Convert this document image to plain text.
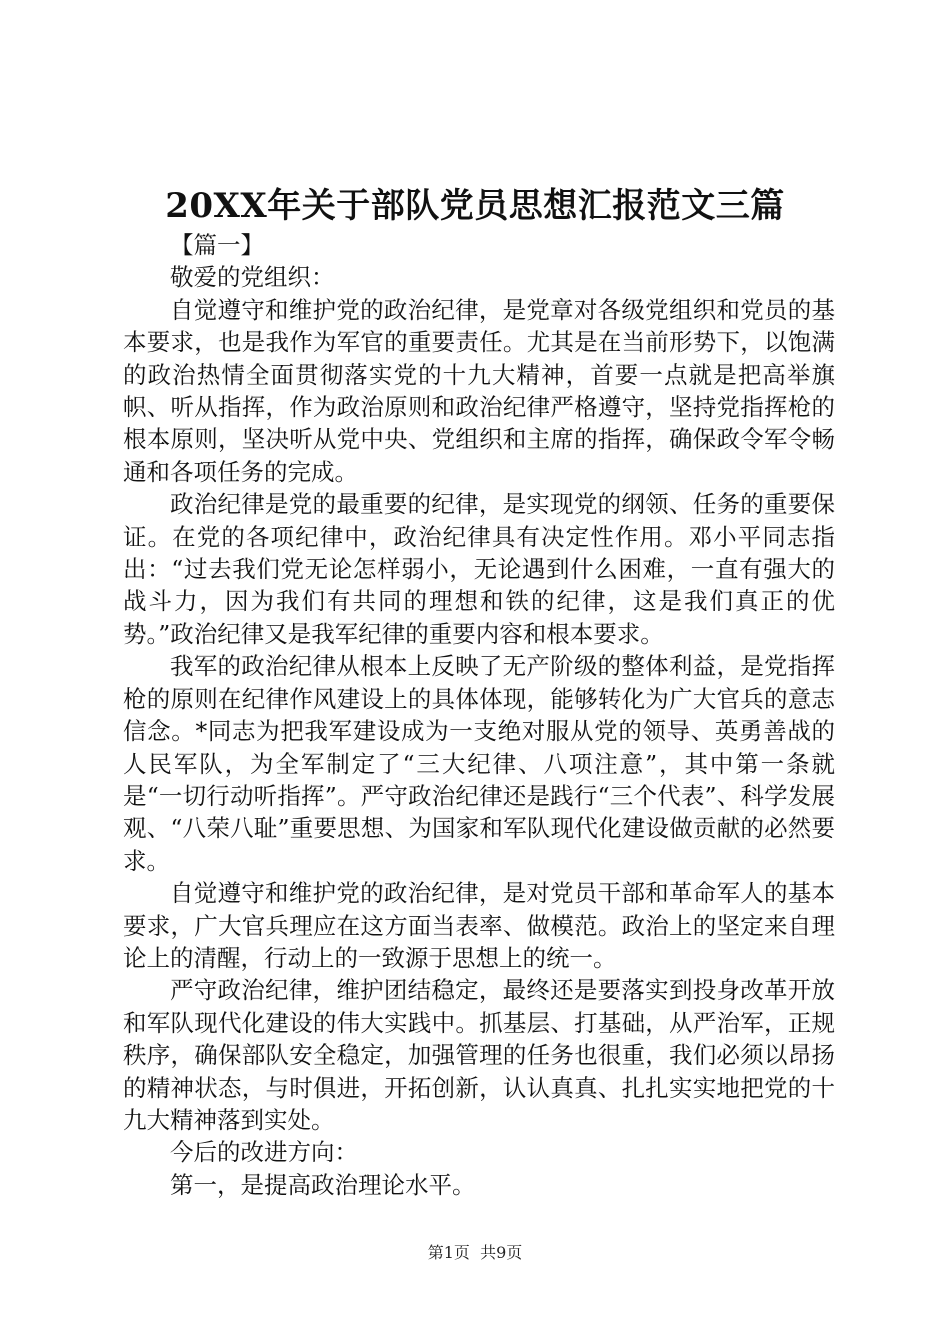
20XX年关于部队党员思想汇报范文三篇

【篇一】

敬爱的党组织：

自觉遵守和维护党的政治纪律，是党章对各级党组织和党员的基本要求，也是我作为军官的重要责任。尤其是在当前形势下，以饱满的政治热情全面贯彻落实党的十九大精神，首要一点就是把高举旗帜、听从指挥，作为政治原则和政治纪律严格遵守，坚持党指挥枪的根本原则，坚决听从党中央、党组织和主席的指挥，确保政令军令畅通和各项任务的完成。

政治纪律是党的最重要的纪律，是实现党的纲领、任务的重要保证。在党的各项纪律中，政治纪律具有决定性作用。邓小平同志指出：“过去我们党无论怎样弱小，无论遇到什么困难，一直有强大的战斗力，因为我们有共同的理想和铁的纪律，这是我们真正的优势。”政治纪律又是我军纪律的重要内容和根本要求。

我军的政治纪律从根本上反映了无产阶级的整体利益，是党指挥枪的原则在纪律作风建设上的具体体现，能够转化为广大官兵的意志信念。*同志为把我军建设成为一支绝对服从党的领导、英勇善战的人民军队，为全军制定了“三大纪律、八项注意”，其中第一条就是“一切行动听指挥”。严守政治纪律还是践行“三个代表”、科学发展观、“八荣八耻”重要思想、为国家和军队现代化建设做贡献的必然要求。

自觉遵守和维护党的政治纪律，是对党员干部和革命军人的基本要求，广大官兵理应在这方面当表率、做模范。政治上的坚定来自理论上的清醒，行动上的一致源于思想上的统一。

严守政治纪律，维护团结稳定，最终还是要落实到投身改革开放和军队现代化建设的伟大实践中。抓基层、打基础，从严治军，正规秩序，确保部队安全稳定，加强管理的任务也很重，我们必须以昂扬的精神状态，与时俱进，开拓创新，认认真真、扎扎实实地把党的十九大精神落到实处。

今后的改进方向：

第一，是提高政治理论水平。

第1页  共9页
